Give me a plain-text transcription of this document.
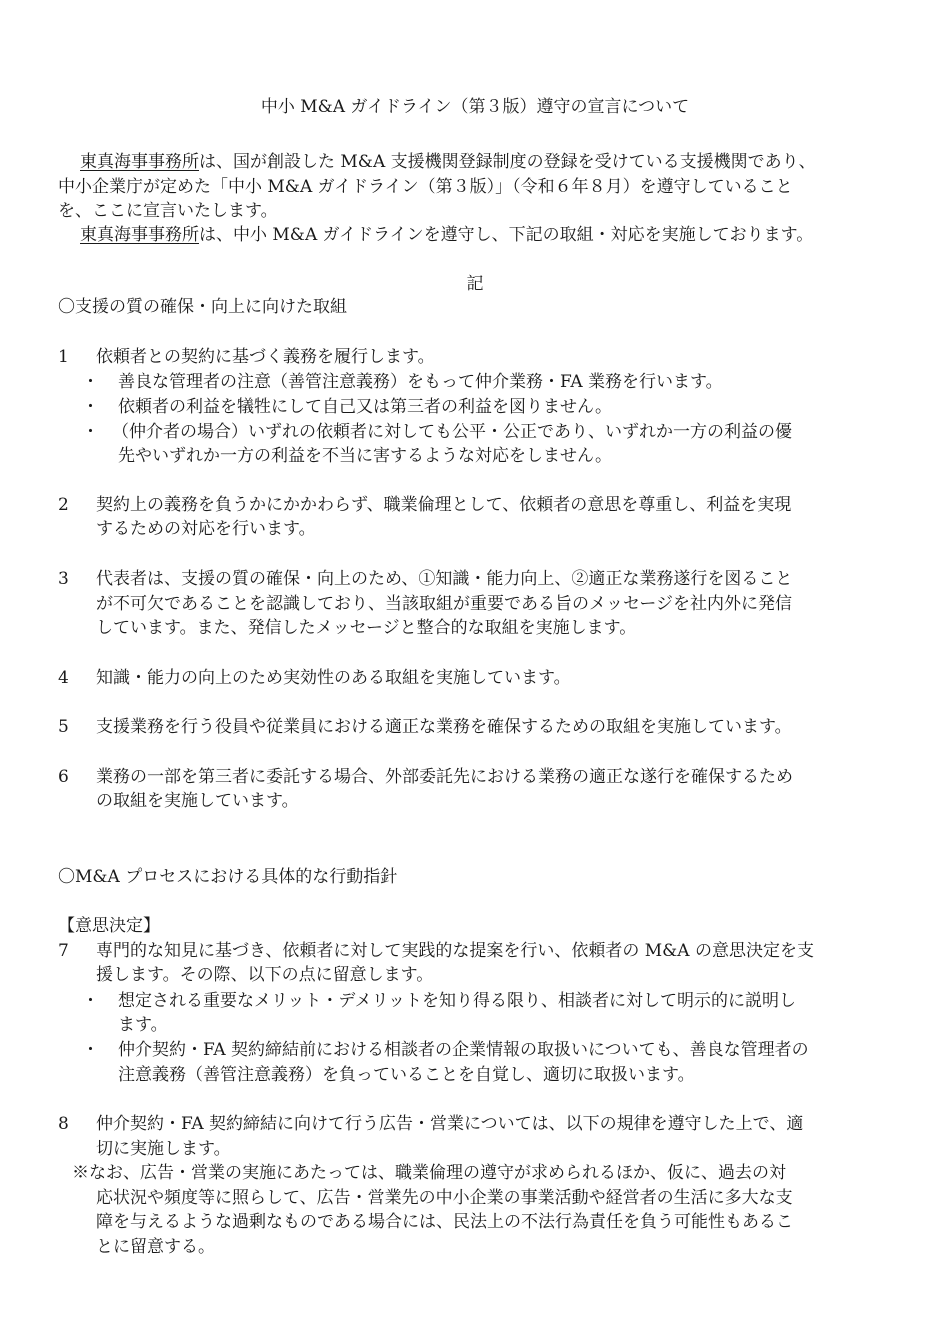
中小 M&A ガイドライン（第３版）遵守の宣言について
東真海事事務所は、国が創設した M&A 支援機関登録制度の登録を受けている支援機関であり、
中小企業庁が定めた「中小 M&A ガイドライン（第３版）」（令和６年８月）を遵守していること
を、ここに宣言いたします。
東真海事事務所は、中小 M&A ガイドラインを遵守し、下記の取組・対応を実施しております。
記
〇支援の質の確保・向上に向けた取組
1 依頼者との契約に基づく義務を履行します。
・ 善良な管理者の注意（善管注意義務）をもって仲介業務・FA 業務を行います。
・ 依頼者の利益を犠牲にして自己又は第三者の利益を図りません。
・ （仲介者の場合）いずれの依頼者に対しても公平・公正であり、いずれか一方の利益の優
先やいずれか一方の利益を不当に害するような対応をしません。
2 契約上の義務を負うかにかかわらず、職業倫理として、依頼者の意思を尊重し、利益を実現
するための対応を行います。
3 代表者は、支援の質の確保・向上のため、①知識・能力向上、②適正な業務遂行を図ること
が不可欠であることを認識しており、当該取組が重要である旨のメッセージを社内外に発信
しています。また、発信したメッセージと整合的な取組を実施します。
4 知識・能力の向上のため実効性のある取組を実施しています。
5 支援業務を行う役員や従業員における適正な業務を確保するための取組を実施しています。
6 業務の一部を第三者に委託する場合、外部委託先における業務の適正な遂行を確保するため
の取組を実施しています。
〇M&A プロセスにおける具体的な行動指針
【意思決定】
7 専門的な知見に基づき、依頼者に対して実践的な提案を行い、依頼者の M&A の意思決定を支
援します。その際、以下の点に留意します。
・ 想定される重要なメリット・デメリットを知り得る限り、相談者に対して明示的に説明し
ます。
・ 仲介契約・FA 契約締結前における相談者の企業情報の取扱いについても、善良な管理者の
注意義務（善管注意義務）を負っていることを自覚し、適切に取扱います。
8 仲介契約・FA 契約締結に向けて行う広告・営業については、以下の規律を遵守した上で、適
切に実施します。
※なお、広告・営業の実施にあたっては、職業倫理の遵守が求められるほか、仮に、過去の対
応状況や頻度等に照らして、広告・営業先の中小企業の事業活動や経営者の生活に多大な支
障を与えるような過剰なものである場合には、民法上の不法行為責任を負う可能性もあるこ
とに留意する。
